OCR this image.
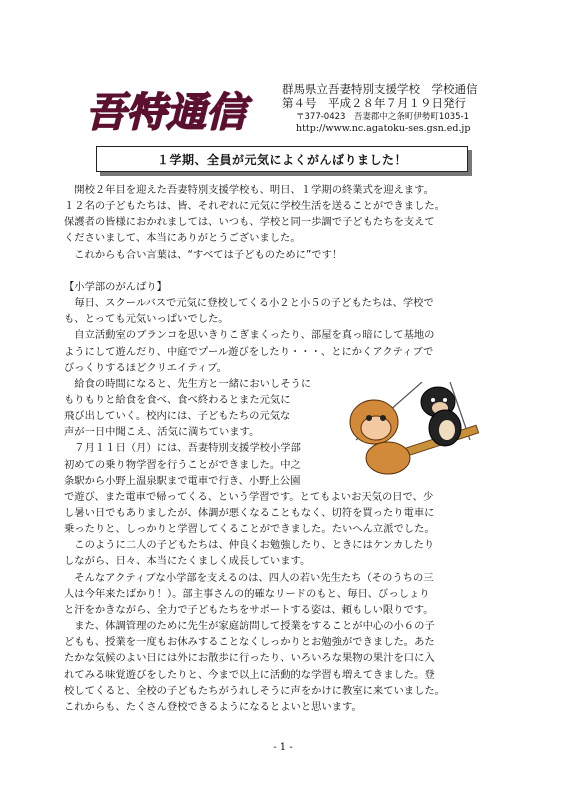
吾特通信
群馬県立吾妻特別支援学校　学校通信
第４号　平成２８年７月１９日発行
〒377-0423　吾妻郡中之条町伊勢町1035-1
http://www.nc.agatoku-ses.gsn.ed.jp
１学期、全員が元気によくがんばりました！
　開校２年目を迎えた吾妻特別支援学校も、明日、１学期の終業式を迎えます。
１２名の子どもたちは、皆、それぞれに元気に学校生活を送ることができました。
保護者の皆様におかれましては、いつも、学校と同一歩調で子どもたちを支えて
くださいまして、本当にありがとうございました。
　これからも合い言葉は、“すべては子どものために”です！
【小学部のがんばり】
　毎日、スクールバスで元気に登校してくる小２と小５の子どもたちは、学校で
も、とっても元気いっぱいでした。
　自立活動室のブランコを思いきりこぎまくったり、部屋を真っ暗にして基地の
ようにして遊んだり、中庭でプール遊びをしたり・・・、とにかくアクティブで
びっくりするほどクリエイティブ。
　給食の時間になると、先生方と一緒においしそうに
もりもりと給食を食べ、食べ終わるとまた元気に
飛び出していく。校内には、子どもたちの元気な
声が一日中聞こえ、活気に満ちています。
　７月１１日（月）には、吾妻特別支援学校小学部
初めての乗り物学習を行うことができました。中之
条駅から小野上温泉駅まで電車で行き、小野上公園
で遊び、また電車で帰ってくる、という学習です。とてもよいお天気の日で、少
し暑い日でもありましたが、体調が悪くなることもなく、切符を買ったり電車に
乗ったりと、しっかりと学習してくることができました。たいへん立派でした。
　このように二人の子どもたちは、仲良くお勉強したり、ときにはケンカしたり
しながら、日々、本当にたくましく成長しています。
　そんなアクティブな小学部を支えるのは、四人の若い先生たち（そのうちの三
人は今年来たばかり！）。部主事さんの的確なリードのもと、毎日、びっしょり
と汗をかきながら、全力で子どもたちをサポートする姿は、頼もしい限りです。
　また、体調管理のために先生が家庭訪問して授業をすることが中心の小６の子
どもも、授業を一度もお休みすることなくしっかりとお勉強ができました。あた
たかな気候のよい日には外にお散歩に行ったり、いろいろな果物の果汁を口に入
れてみる味覚遊びをしたりと、今まで以上に活動的な学習も増えてきました。登
校してくると、全校の子どもたちがうれしそうに声をかけに教室に来ていました。
これからも、たくさん登校できるようになるとよいと思います。
- 1 -
